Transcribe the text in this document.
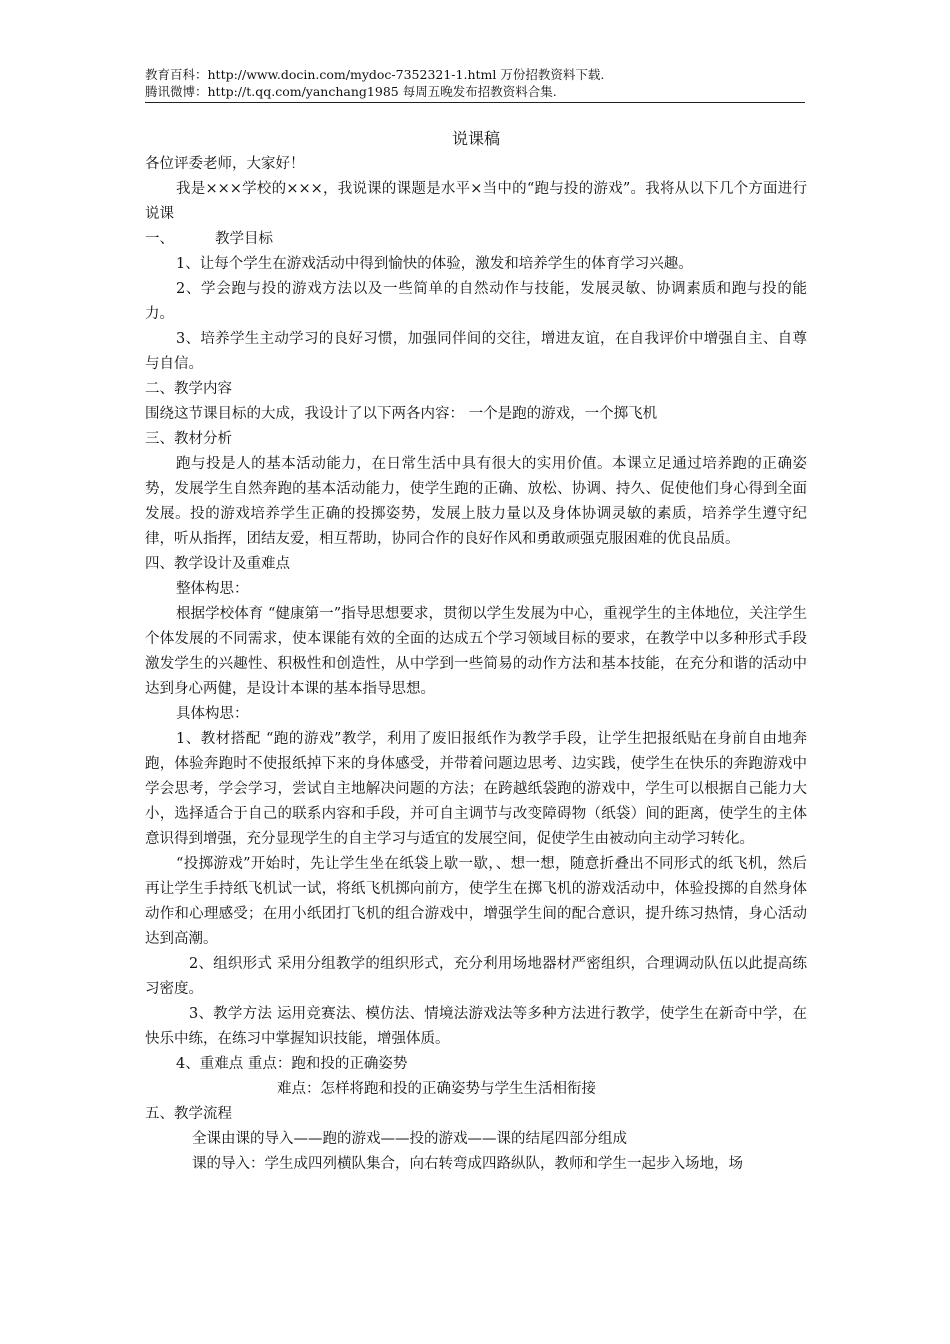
教育百科：http://www.docin.com/mydoc-7352321-1.html 万份招教资料下载.
腾讯微博：http://t.qq.com/yanchang1985 每周五晚发布招教资料合集.
说课稿

各位评委老师，大家好！

我是×××学校的×××，我说课的课题是水平×当中的“跑与投的游戏”。我将从以下几个方面进行说课

一、	教学目标

1、让每个学生在游戏活动中得到愉快的体验，激发和培养学生的体育学习兴趣。

2、学会跑与投的游戏方法以及一些简单的自然动作与技能，发展灵敏、协调素质和跑与投的能力。

3、培养学生主动学习的良好习惯，加强同伴间的交往，增进友谊，在自我评价中增强自主、自尊与自信。

二、教学内容

围绕这节课目标的大成，我设计了以下两各内容： 一个是跑的游戏，一个掷飞机

三、教材分析

跑与投是人的基本活动能力，在日常生活中具有很大的实用价值。本课立足通过培养跑的正确姿势，发展学生自然奔跑的基本活动能力，使学生跑的正确、放松、协调、持久、促使他们身心得到全面发展。投的游戏培养学生正确的投掷姿势，发展上肢力量以及身体协调灵敏的素质，培养学生遵守纪律，听从指挥，团结友爱，相互帮助，协同合作的良好作风和勇敢顽强克服困难的优良品质。

四、教学设计及重难点

整体构思：

根据学校体育 “健康第一”指导思想要求，贯彻以学生发展为中心，重视学生的主体地位，关注学生个体发展的不同需求，使本课能有效的全面的达成五个学习领域目标的要求，在教学中以多种形式手段激发学生的兴趣性、积极性和创造性，从中学到一些简易的动作方法和基本技能，在充分和谐的活动中达到身心两健，是设计本课的基本指导思想。

具体构思：

1、教材搭配 “跑的游戏”教学，利用了废旧报纸作为教学手段，让学生把报纸贴在身前自由地奔跑，体验奔跑时不使报纸掉下来的身体感受，并带着问题边思考、边实践，使学生在快乐的奔跑游戏中学会思考，学会学习，尝试自主地解决问题的方法；在跨越纸袋跑的游戏中，学生可以根据自己能力大小，选择适合于自己的联系内容和手段，并可自主调节与改变障碍物（纸袋）间的距离，使学生的主体意识得到增强，充分显现学生的自主学习与适宜的发展空间，促使学生由被动向主动学习转化。

“投掷游戏”开始时，先让学生坐在纸袋上歇一歇，、想一想，随意折叠出不同形式的纸飞机，然后再让学生手持纸飞机试一试，将纸飞机掷向前方，使学生在掷飞机的游戏活动中，体验投掷的自然身体动作和心理感受；在用小纸团打飞机的组合游戏中，增强学生间的配合意识，提升练习热情，身心活动达到高潮。

2、组织形式 采用分组教学的组织形式，充分利用场地器材严密组织，合理调动队伍以此提高练习密度。

3、教学方法 运用竞赛法、模仿法、情境法游戏法等多种方法进行教学，使学生在新奇中学，在快乐中练，在练习中掌握知识技能，增强体质。

4、重难点 重点：跑和投的正确姿势

难点：怎样将跑和投的正确姿势与学生生活相衔接

五、教学流程

全课由课的导入——跑的游戏——投的游戏——课的结尾四部分组成

课的导入：学生成四列横队集合，向右转弯成四路纵队，教师和学生一起步入场地，场
